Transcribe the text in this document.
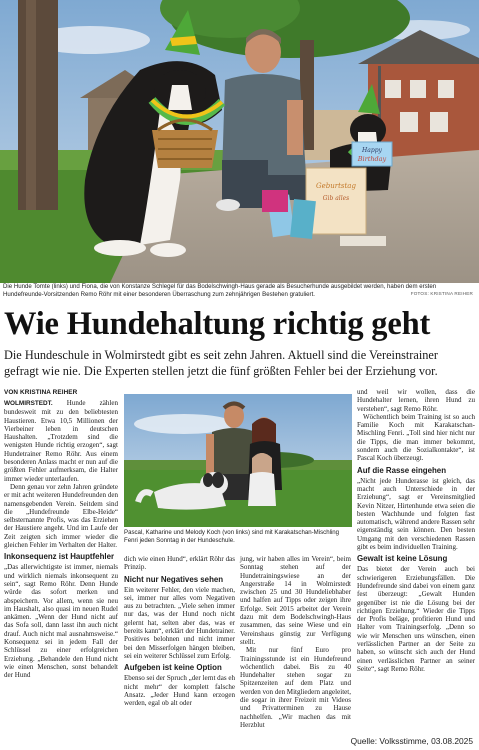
Happy
Birthday
Geburtstag
Gib alles
Die Hunde Tomte (links) und Fiona, die von Konstanze Schlegel für das Bodelschwingh-Haus gerade als Besucherhunde ausgebildet werden, haben dem ersten Hundefreunde-Vorsitzenden Remo Röhr mit einer besonderen Überraschung zum zehnjährigen Bestehen gratuliert.	FOTOS: KRISTINA REIHER
Wie Hundehaltung richtig geht
Die Hundeschule in Wolmirstedt gibt es seit zehn Jahren. Aktuell sind die Vereinstrainer gefragt wie nie. Die Experten stellen jetzt die fünf größten Fehler bei der Erziehung vor.
VON KRISTINA REIHER

WOLMIRSTEDT. Hunde zählen bundesweit mit zu den beliebtesten Haustieren. Etwa 10,5 Millionen der Vierbeiner leben in deutschen Haushalten. „Trotzdem sind die wenigsten Hunde richtig erzogen“, sagt Hundetrainer Remo Röhr. Aus einem besonderen Anlass macht er nun auf die größten Fehler aufmerksam, die Halter immer wieder unterlaufen.

Denn genau vor zehn Jahren gründete er mit acht weiteren Hundefreunden den namensgebenden Verein. Seitdem sind die „Hundefreunde Elbe-Heide“ selbsternannte Profis, was das Erziehen der Haustiere angeht. Und im Laufe der Zeit zeigten sich immer wieder die gleichen Fehler im Verhalten der Halter.

Inkonsequenz ist Hauptfehler

„Das allerwichtigste ist immer, niemals und wirklich niemals inkonsequent zu sein“, sagt Remo Röhr. Denn Hunde würde das sofort merken und abspeichern. Vor allem, wenn sie neu im Haushalt, also quasi im neuen Rudel ankämen. „Wenn der Hund nicht auf das Sofa soll, dann lasst ihn auch nicht drauf. Auch nicht mal ausnahmsweise.“ Konsequenz sei in jedem Fall der Schlüssel zu einer erfolgreichen Erziehung. „Behandele den Hund nicht wie einen Menschen, sonst behandelt der Hund

Pascal, Katharine und Melody Koch (von links) sind mit Karakatschan-Mischling Fenri jeden Sonntag in der Hundeschule.

dich wie einen Hund“, erklärt Röhr das Prinzip.

Nicht nur Negatives sehen

Ein weiterer Fehler, den viele machen, sei, immer nur alles vom Negativen aus zu betrachten. „Viele sehen immer nur das, was der Hund noch nicht gelernt hat, selten aber das, was er bereits kann“, erklärt der Hundetrainer. Positives belohnen und nicht immer bei den Misserfolgen hängen bleiben, sei ein weiterer Schlüssel zum Erfolg.

Aufgeben ist keine Option

Ebenso sei der Spruch „der lernt das eh nicht mehr“ der komplett falsche Ansatz. „Jeder Hund kann erzogen werden, egal ob alt oder

jung, wir haben alles im Verein“, beim Sonntag stehen auf der Hundetrainingswiese an der Angerstraße 14 in Wolmirstedt zwischen 25 und 30 Hundeliebhaber und halfen auf Tipps oder zeigen ihre Erfolge. Seit 2015 arbeitet der Verein dazu mit dem Bodelschwingh-Haus zusammen, das seine Wiese und ein Vereinshaus günstig zur Verfügung stellt.

Mit nur fünf Euro pro Trainingsstunde ist ein Hundefreund wöchentlich dabei. Bis zu 40 Hundehalter stehen sogar zu Spitzenzeiten auf dem Platz und werden von den Mitgliedern angeleitet, die sogar in ihrer Freizeit mit Videos und Privatterminen zu Hause nachhelfen. „Wir machen das mit Herzblut

und weil wir wollen, dass die Hundehalter lernen, ihren Hund zu verstehen“, sagt Remo Röhr.

Wöchentlich beim Training ist so auch Familie Koch mit Karakatschan-Mischling Fenri. „Toll sind hier nicht nur die Tipps, die man immer bekommt, sondern auch die Sozialkontakte“, ist Pascal Koch überzeugt.

Auf die Rasse eingehen

„Nicht jede Hunderasse ist gleich, das macht auch Unterschiede in der Erziehung“, sagt er Vereinsmitglied Kevin Nitzer, Hirtenhunde etwa seien die besten Wachhunde und folgten fast automatisch, während andere Rassen sehr eigenständig sein können. Den besten Umgang mit den verschiedenen Rassen gibt es beim individuellen Training.

Gewalt ist keine Lösung

Das bietet der Verein auch bei schwierigeren Erziehungsfällen. Die Hundefreunde sind dabei von einem ganz fest überzeugt: „Gewalt Hunden gegenüber ist nie die Lösung bei der richtigen Erziehung.“ Wieder die Tipps der Profis beläge, profitieren Hund und Halter vom Trainingserfolg. „Denn so wie wir Menschen uns wünschen, einen verlässlichen Partner an der Seite zu haben, so wünscht sich auch der Hund einen verlässlichen Partner an seiner Seite“, sagt Remo Röhr.

Quelle: Volksstimme, 03.08.2025
